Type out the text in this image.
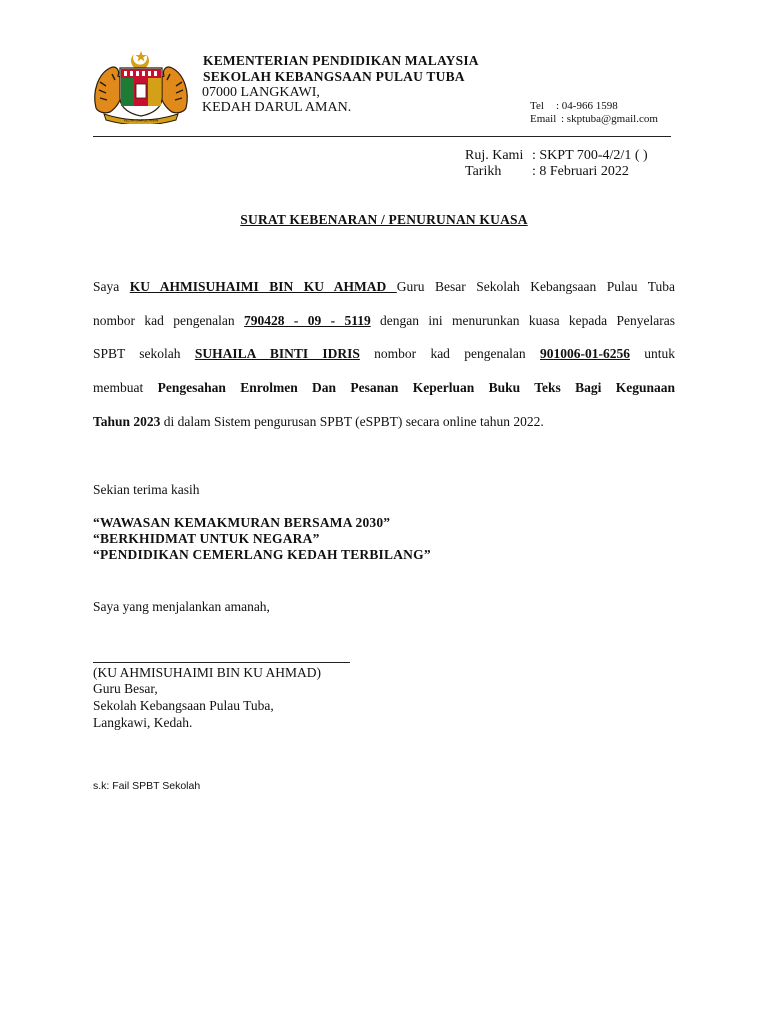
KEDAH DARUL AMAN
KEMENTERIAN PENDIDIKAN MALAYSIA
SEKOLAH KEBANGSAAN PULAU TUBA
07000 LANGKAWI,
KEDAH DARUL AMAN.	Tel : 04-966 1598
Email : skptuba@gmail.com
Ruj. Kami : SKPT 700-4/2/1 ( )
Tarikh : 8 Februari 2022
SURAT KEBENARAN / PENURUNAN KUASA
Saya KU AHMISUHAIMI BIN KU AHMAD Guru Besar Sekolah Kebangsaan Pulau Tuba
nombor kad pengenalan 790428 - 09 - 5119 dengan ini menurunkan kuasa kepada Penyelaras
SPBT sekolah SUHAILA BINTI IDRIS nombor kad pengenalan 901006-01-6256 untuk
membuat Pengesahan Enrolmen Dan Pesanan Keperluan Buku Teks Bagi Kegunaan
Tahun 2023 di dalam Sistem pengurusan SPBT (eSPBT) secara online tahun 2022.
Sekian terima kasih
“WAWASAN KEMAKMURAN BERSAMA 2030”
“BERKHIDMAT UNTUK NEGARA”
“PENDIDIKAN CEMERLANG KEDAH TERBILANG”
Saya yang menjalankan amanah,
(KU AHMISUHAIMI BIN KU AHMAD)
Guru Besar,
Sekolah Kebangsaan Pulau Tuba,
Langkawi, Kedah.
s.k: Fail SPBT Sekolah
